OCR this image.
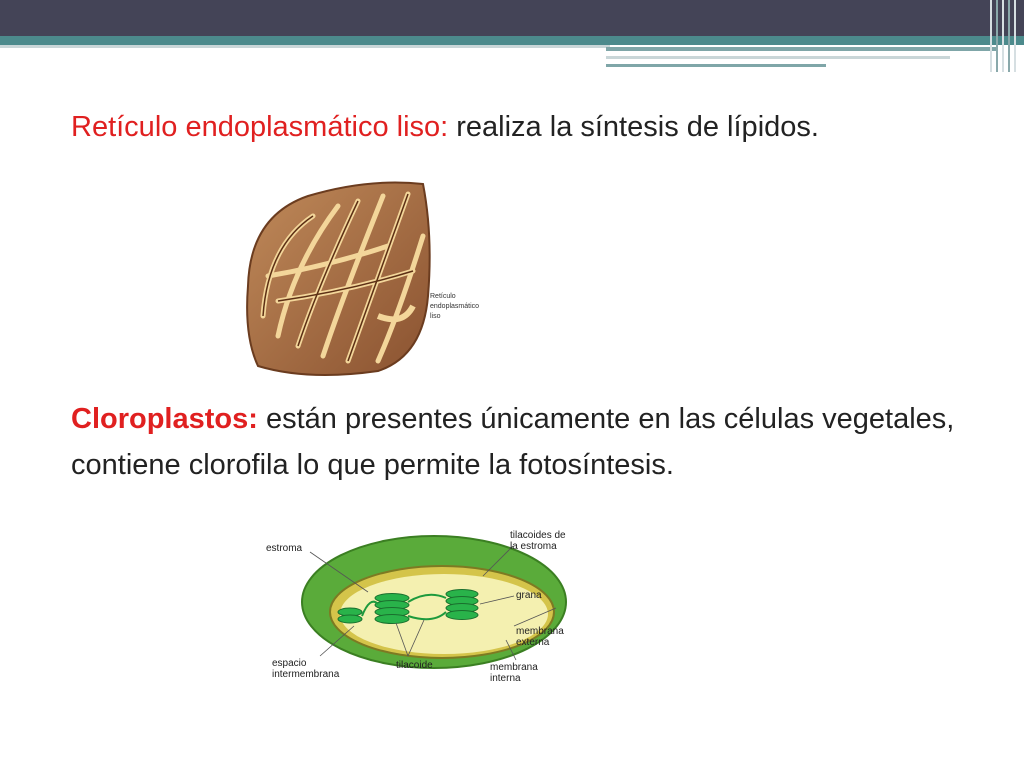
Retículo endoplasmático liso: realiza la síntesis de lípidos.

Retículo
endoplasmático
liso

Cloroplastos: están presentes únicamente en las células vegetales, contiene clorofila lo que permite la fotosíntesis.

estroma
tilacoides de
la estroma
grana
membrana
externa
membrana
interna
tilacoide
espacio
intermembrana
